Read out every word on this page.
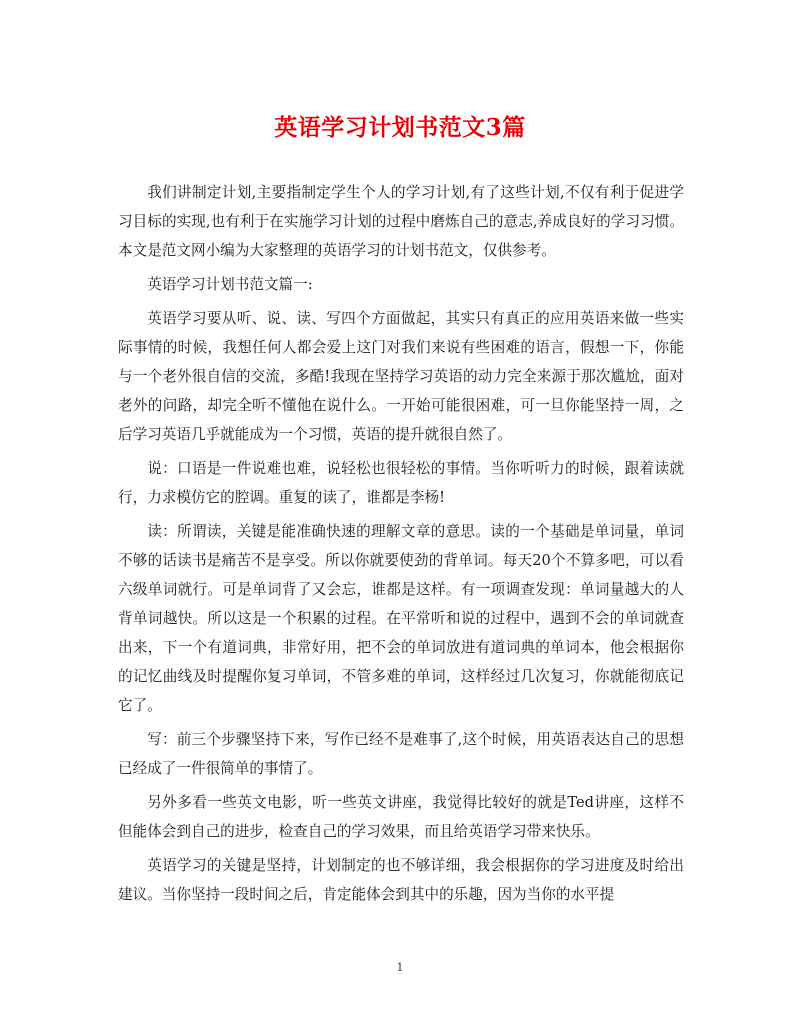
英语学习计划书范文3篇

我们讲制定计划,主要指制定学生个人的学习计划,有了这些计划,不仅有利于促进学习目标的实现,也有利于在实施学习计划的过程中磨炼自己的意志,养成良好的学习习惯。本文是范文网小编为大家整理的英语学习的计划书范文，仅供参考。

英语学习计划书范文篇一:

英语学习要从听、说、读、写四个方面做起，其实只有真正的应用英语来做一些实际事情的时候，我想任何人都会爱上这门对我们来说有些困难的语言，假想一下，你能与一个老外很自信的交流，多酷!我现在坚持学习英语的动力完全来源于那次尴尬，面对老外的问路，却完全听不懂他在说什么。一开始可能很困难，可一旦你能坚持一周，之后学习英语几乎就能成为一个习惯，英语的提升就很自然了。

说：口语是一件说难也难，说轻松也很轻松的事情。当你听听力的时候，跟着读就行，力求模仿它的腔调。重复的读了，谁都是李杨!

读：所谓读，关键是能准确快速的理解文章的意思。读的一个基础是单词量，单词不够的话读书是痛苦不是享受。所以你就要使劲的背单词。每天20个不算多吧，可以看六级单词就行。可是单词背了又会忘，谁都是这样。有一项调查发现：单词量越大的人背单词越快。所以这是一个积累的过程。在平常听和说的过程中，遇到不会的单词就查出来，下一个有道词典，非常好用，把不会的单词放进有道词典的单词本，他会根据你的记忆曲线及时提醒你复习单词，不管多难的单词，这样经过几次复习，你就能彻底记它了。

写：前三个步骤坚持下来，写作已经不是难事了,这个时候，用英语表达自己的思想已经成了一件很简单的事情了。

另外多看一些英文电影，听一些英文讲座，我觉得比较好的就是Ted讲座，这样不但能体会到自己的进步，检查自己的学习效果，而且给英语学习带来快乐。

英语学习的关键是坚持，计划制定的也不够详细，我会根据你的学习进度及时给出建议。当你坚持一段时间之后，肯定能体会到其中的乐趣，因为当你的水平提

1
